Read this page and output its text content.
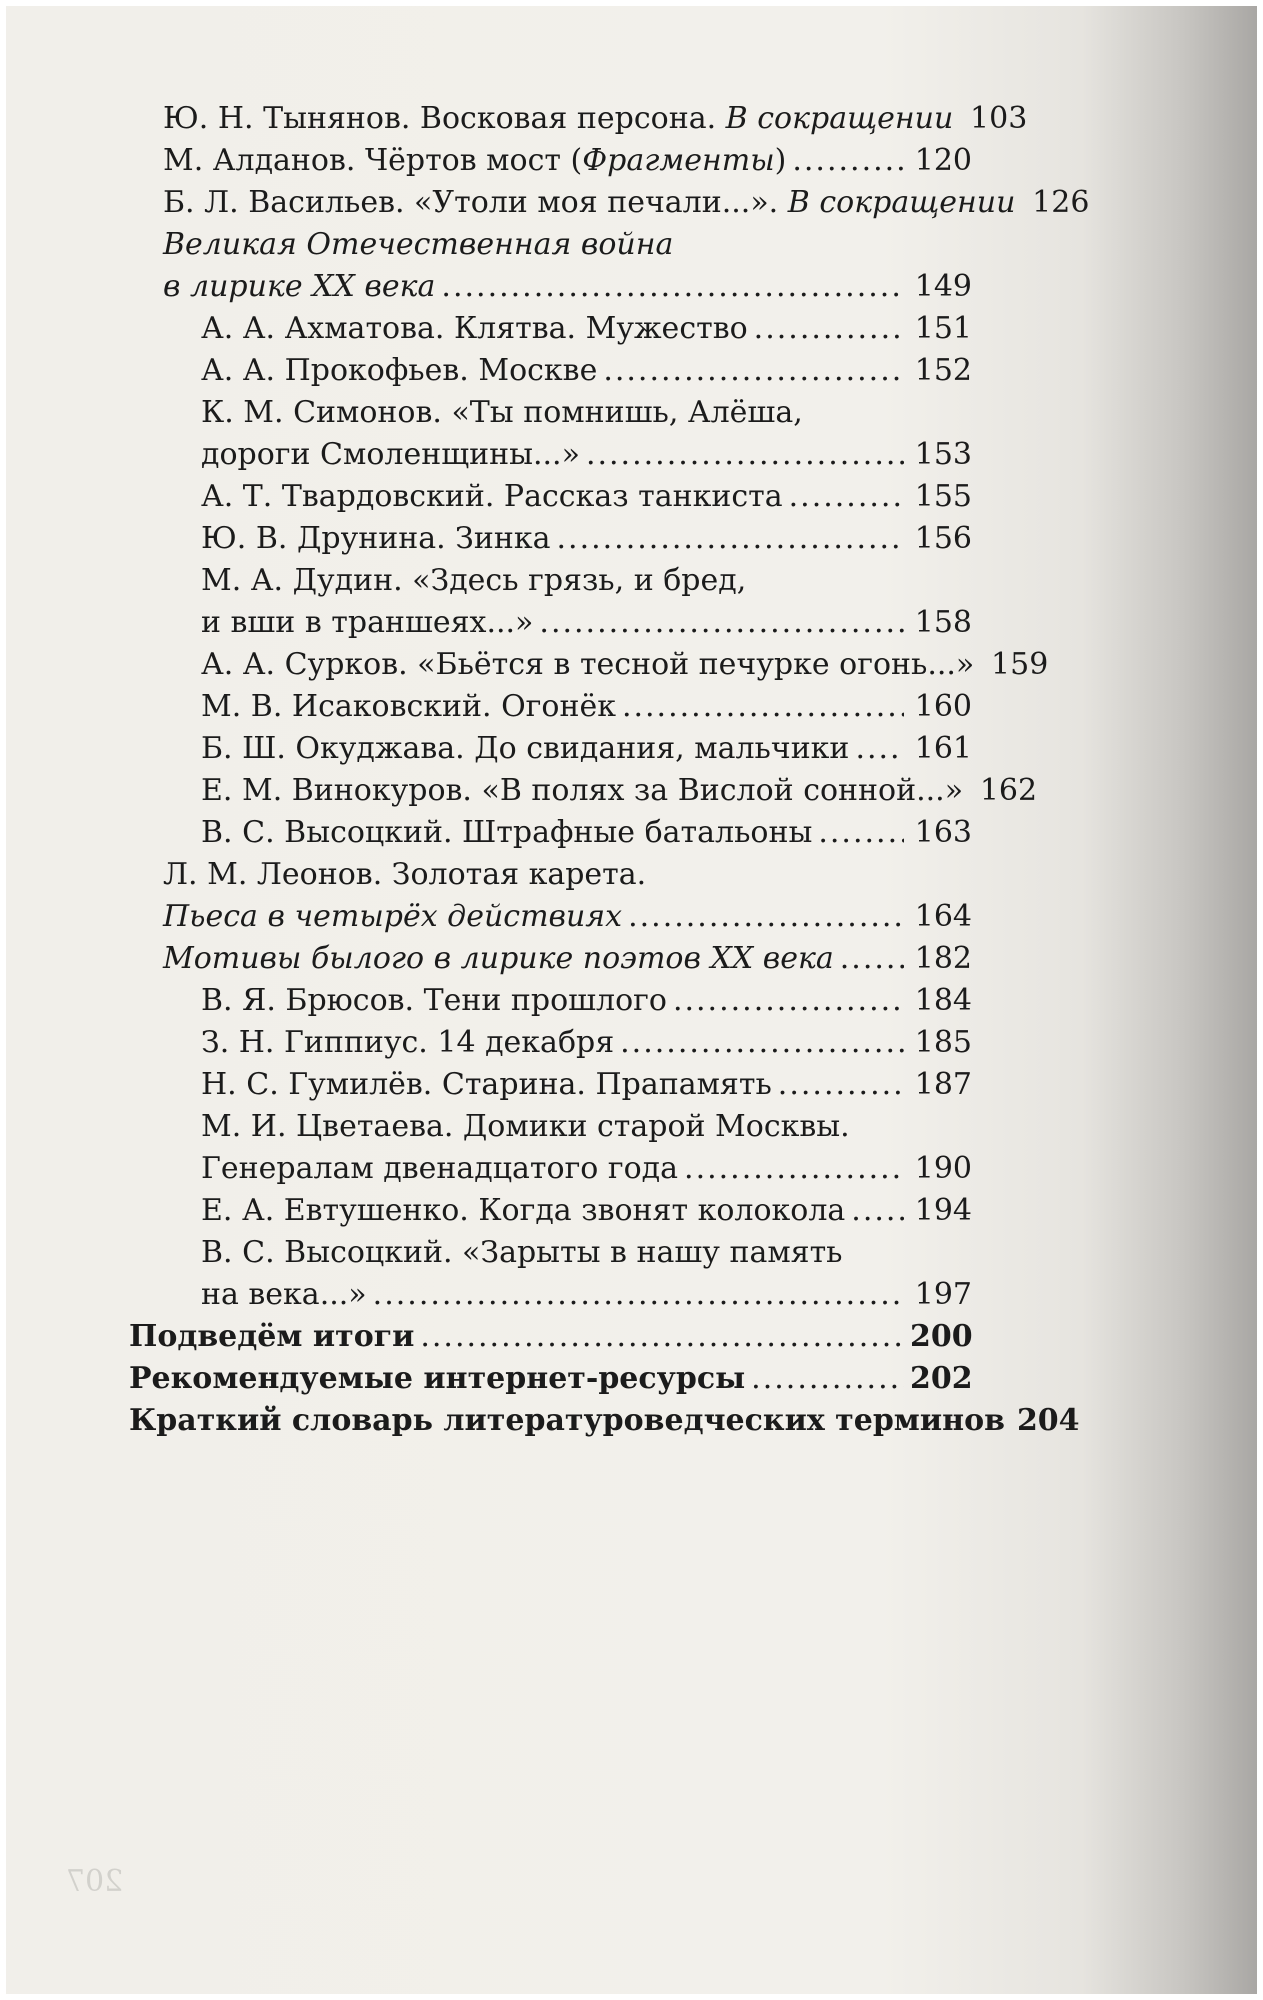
207
Ю. Н. Тынянов. Восковая персона. В сокращении 103
М. Алданов. Чёртов мост (Фрагменты) .....	120
Б. Л. Васильев. «Утоли моя печали...». В сокращении 126
Великая Отечественная война
в лирике XX века .....	149
А. А. Ахматова. Клятва. Мужество .....	151
А. А. Прокофьев. Москве .....	152
К. М. Симонов. «Ты помнишь, Алёша,
дороги Смоленщины...» .....	153
А. Т. Твардовский. Рассказ танкиста .....	155
Ю. В. Друнина. Зинка .....	156
М. А. Дудин. «Здесь грязь, и бред,
и вши в траншеях...» .....	158
А. А. Сурков. «Бьётся в тесной печурке огонь...» 159
М. В. Исаковский. Огонёк .....	160
Б. Ш. Окуджава. До свидания, мальчики ..... 161
Е. М. Винокуров. «В полях за Вислой сонной...» 162
В. С. Высоцкий. Штрафные батальоны .....	163
Л. М. Леонов. Золотая карета.
Пьеса в четырёх действиях .....	164
Мотивы былого в лирике поэтов XX века .....	182
В. Я. Брюсов. Тени прошлого .....	184
З. Н. Гиппиус. 14 декабря .....	185
Н. С. Гумилёв. Старина. Прапамять .....	187
М. И. Цветаева. Домики старой Москвы.
Генералам двенадцатого года .....	190
Е. А. Евтушенко. Когда звонят колокола ..... 194
В. С. Высоцкий. «Зарыты в нашу память
на века...» .....	197
Подведём итоги .....	200
Рекомендуемые интернет-ресурсы .....	202
Краткий словарь литературоведческих терминов 204
